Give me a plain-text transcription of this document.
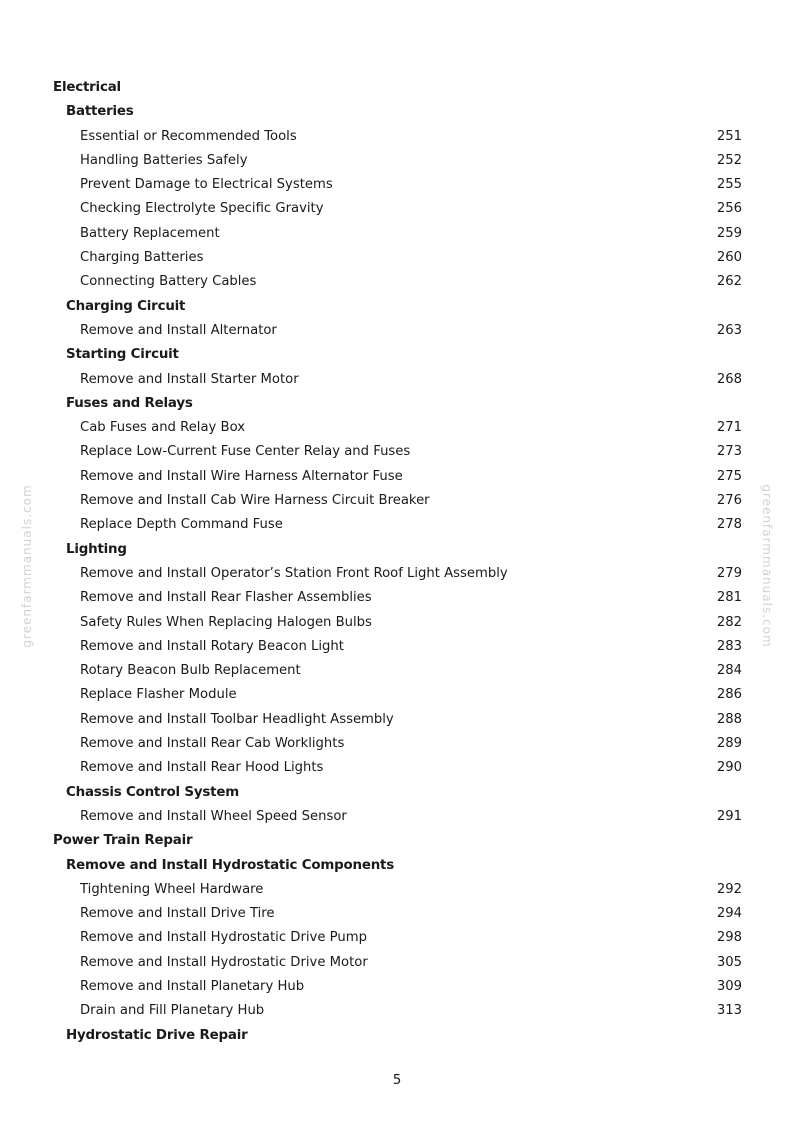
Electrical
Batteries
Essential or Recommended Tools	251
Handling Batteries Safely	252
Prevent Damage to Electrical Systems	255
Checking Electrolyte Specific Gravity	256
Battery Replacement	259
Charging Batteries	260
Connecting Battery Cables	262
Charging Circuit
Remove and Install Alternator	263
Starting Circuit
Remove and Install Starter Motor	268
Fuses and Relays
Cab Fuses and Relay Box	271
Replace Low-Current Fuse Center Relay and Fuses	273
Remove and Install Wire Harness Alternator Fuse	275
Remove and Install Cab Wire Harness Circuit Breaker	276
Replace Depth Command Fuse	278
Lighting
Remove and Install Operator’s Station Front Roof Light Assembly	279
Remove and Install Rear Flasher Assemblies	281
Safety Rules When Replacing Halogen Bulbs	282
Remove and Install Rotary Beacon Light	283
Rotary Beacon Bulb Replacement	284
Replace Flasher Module	286
Remove and Install Toolbar Headlight Assembly	288
Remove and Install Rear Cab Worklights	289
Remove and Install Rear Hood Lights	290
Chassis Control System
Remove and Install Wheel Speed Sensor	291
Power Train Repair
Remove and Install Hydrostatic Components
Tightening Wheel Hardware	292
Remove and Install Drive Tire	294
Remove and Install Hydrostatic Drive Pump	298
Remove and Install Hydrostatic Drive Motor	305
Remove and Install Planetary Hub	309
Drain and Fill Planetary Hub	313
Hydrostatic Drive Repair
greenfarmmanuals.com	greenfarmmanuals.com
5
